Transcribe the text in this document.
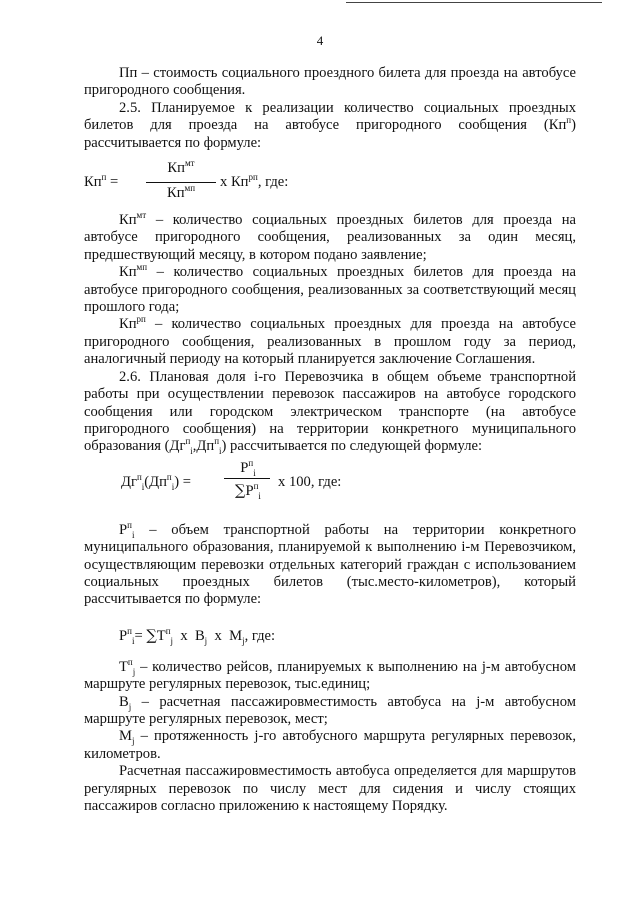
4

Пп – стоимость социального проездного билета для проезда на автобусе пригородного сообщения.

2.5. Планируемое к реализации количество социальных проездных билетов для проезда на автобусе пригородного сообщения $(Кп^п)$ рассчитывается по формуле:

$Кп^п$ =
$Кп^{мт}$
$Кп^{мп}$	х $Кп^{рп}$, где:

$Кп^{мт}$ – количество социальных проездных билетов для проезда на автобусе пригородного сообщения, реализованных за один месяц, предшествующий месяцу, в котором подано заявление;

$Кп^{мп}$ – количество социальных проездных билетов для проезда на автобусе пригородного сообщения, реализованных за соответствующий месяц прошлого года;

$Кп^{рп}$ – количество социальных проездных для проезда на автобусе пригородного сообщения, реализованных в прошлом году за период, аналогичный периоду на который планируется заключение Соглашения.

2.6. Плановая доля i-го Перевозчика в общем объеме транспортной работы при осуществлении перевозок пассажиров на автобусе городского сообщения или городском электрическом транспорте (на автобусе пригородного сообщения) на территории конкретного муниципального образования $(Дг^п_i,Дп^п_i)$ рассчитывается по следующей формуле:

$Дг^п_i(Дп^п_i)$ =
$P^п_i$
$\sum P^п_i$
х 100, где:

$P^п_i$ – объем транспортной работы на территории конкретного муниципального образования, планируемой к выполнению i-м Перевозчиком, осуществляющим перевозки отдельных категорий граждан с использованием социальных проездных билетов (тыс.место-километров), который рассчитывается по формуле:

$P^п_i= \sum T^п_j$ x $B_j$ x $M_j$, где:

$T^п_j$ – количество рейсов, планируемых к выполнению на j-м автобусном маршруте регулярных перевозок, тыс.единиц;

$B_j$ – расчетная пассажировместимость автобуса на j-м автобусном маршруте регулярных перевозок, мест;

$M_j$ – протяженность j-го автобусного маршрута регулярных перевозок, километров.

Расчетная пассажировместимость автобуса определяется для маршрутов регулярных перевозок по числу мест для сидения и числу стоящих пассажиров согласно приложению к настоящему Порядку.
